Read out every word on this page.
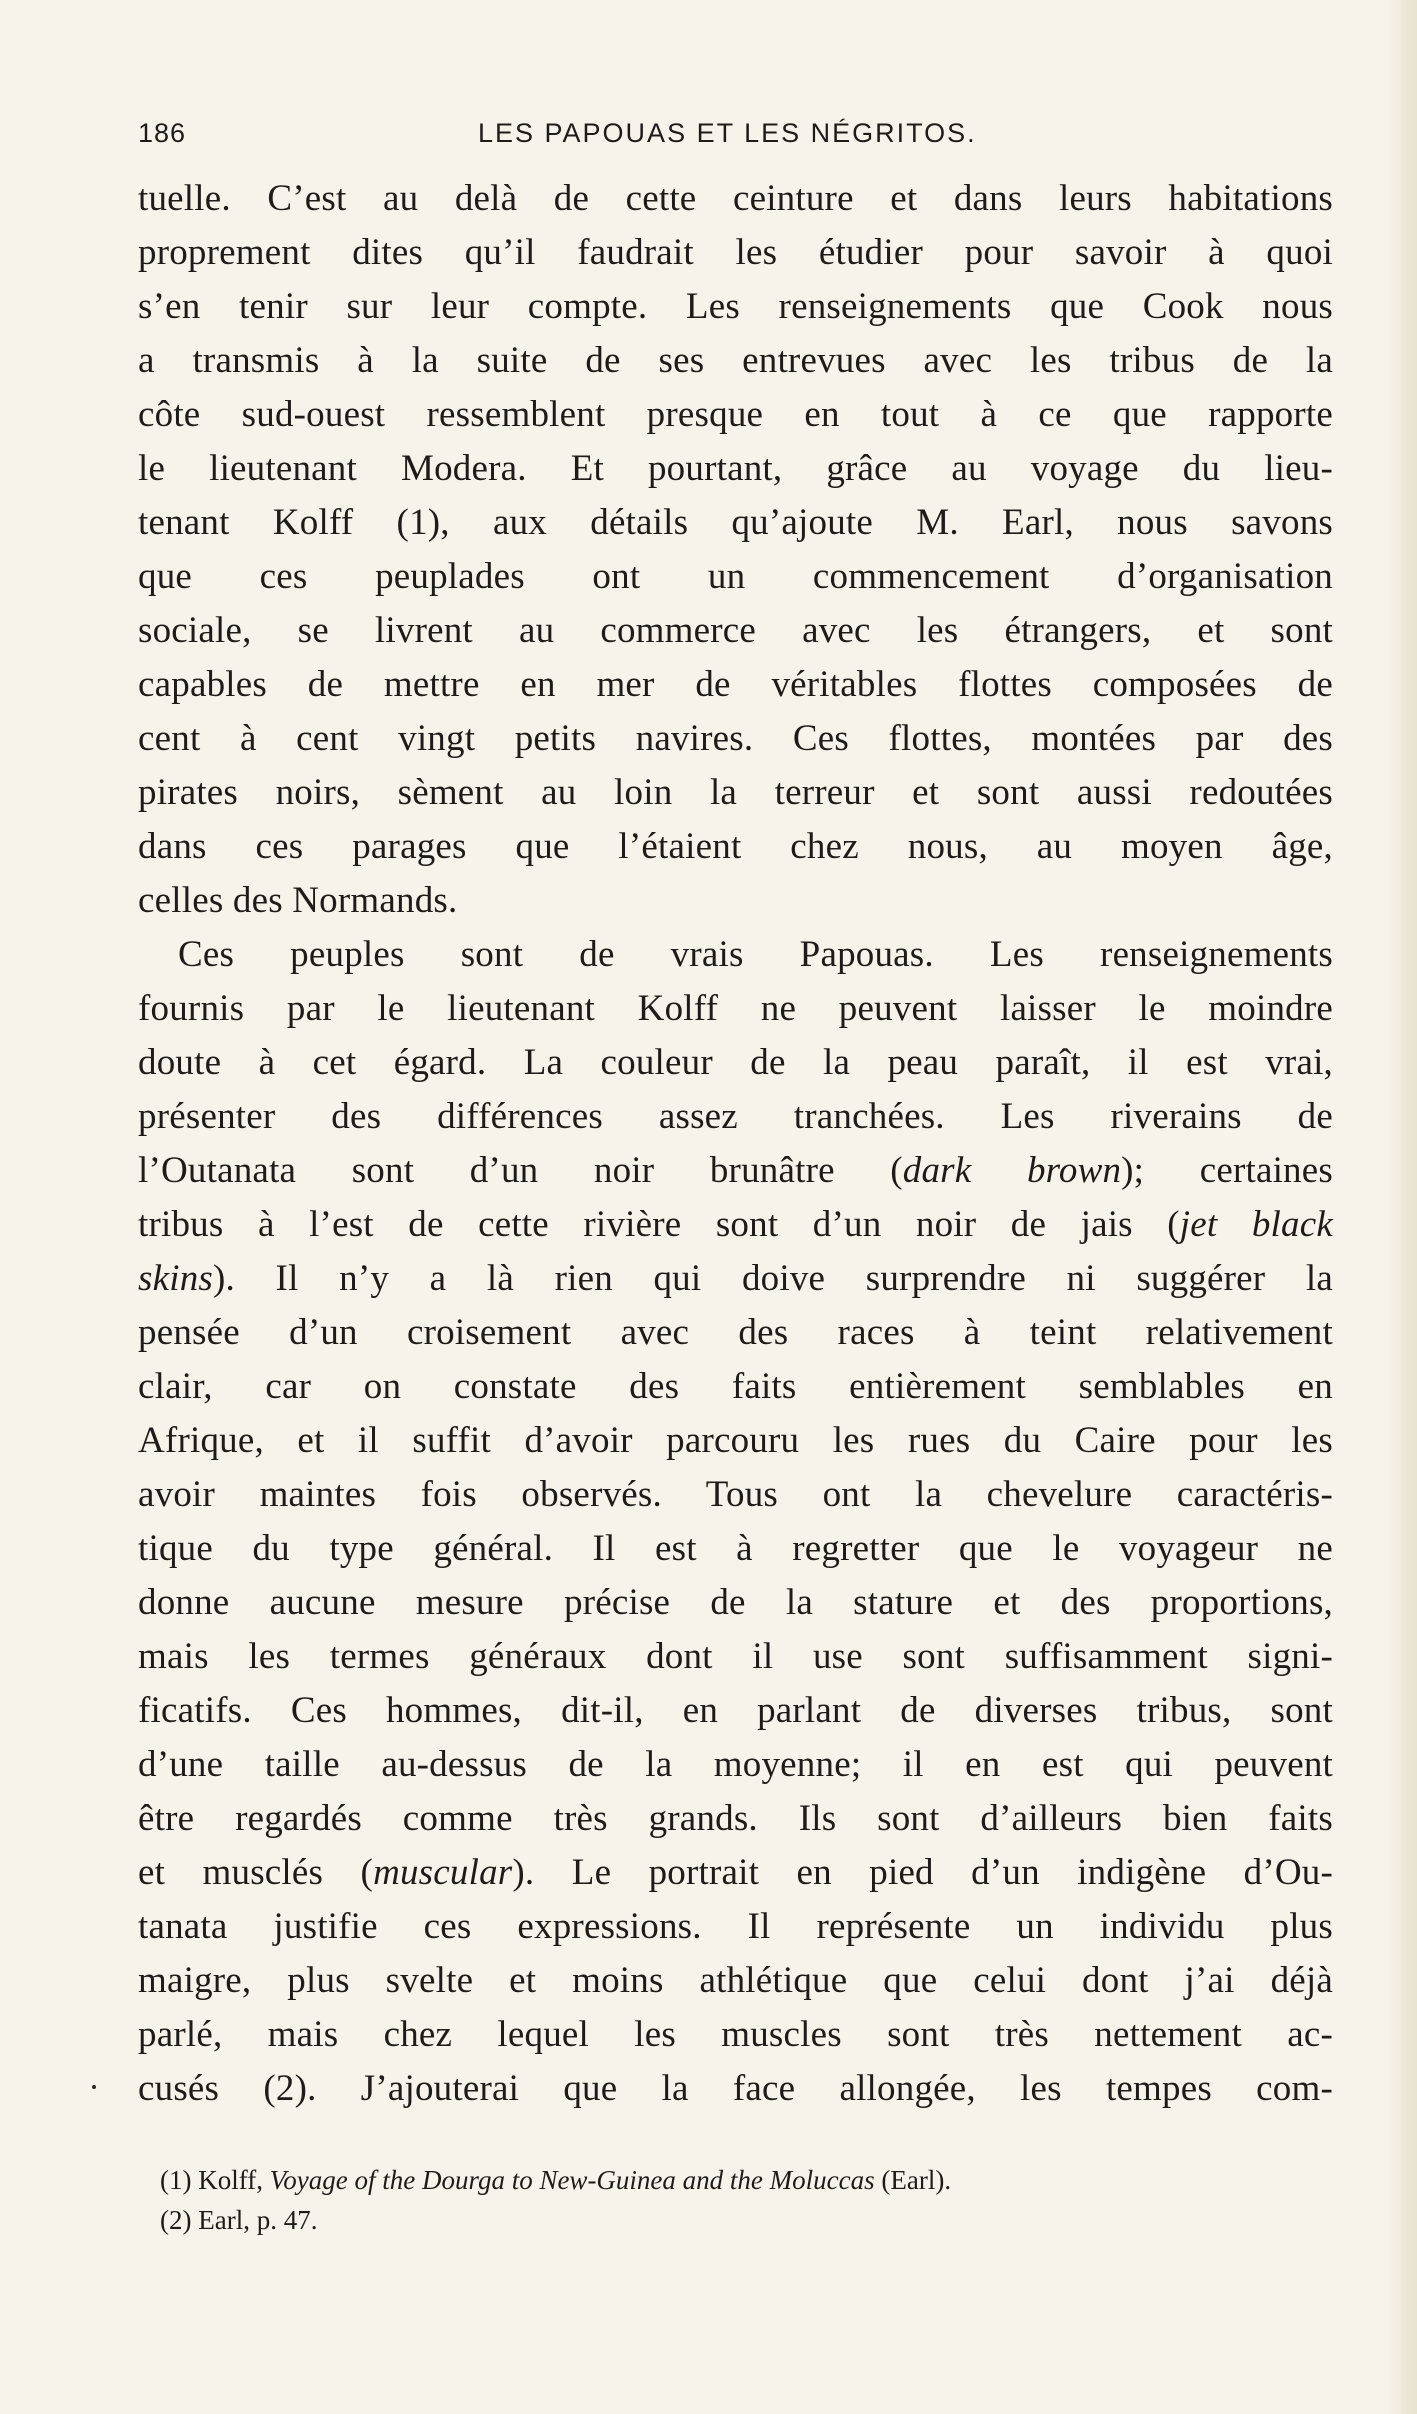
186	LES PAPOUAS ET LES NÉGRITOS.
tuelle. C’est au delà de cette ceinture et dans leurs habitations
proprement dites qu’il faudrait les étudier pour savoir à quoi
s’en tenir sur leur compte. Les renseignements que Cook nous
a transmis à la suite de ses entrevues avec les tribus de la
côte sud-ouest ressemblent presque en tout à ce que rapporte
le lieutenant Modera. Et pourtant, grâce au voyage du lieu-
tenant Kolff (1), aux détails qu’ajoute M. Earl, nous savons
que ces peuplades ont un commencement d’organisation
sociale, se livrent au commerce avec les étrangers, et sont
capables de mettre en mer de véritables flottes composées de
cent à cent vingt petits navires. Ces flottes, montées par des
pirates noirs, sèment au loin la terreur et sont aussi redoutées
dans ces parages que l’étaient chez nous, au moyen âge,
celles des Normands.
Ces peuples sont de vrais Papouas. Les renseignements
fournis par le lieutenant Kolff ne peuvent laisser le moindre
doute à cet égard. La couleur de la peau paraît, il est vrai,
présenter des différences assez tranchées. Les riverains de
l’Outanata sont d’un noir brunâtre (dark brown); certaines
tribus à l’est de cette rivière sont d’un noir de jais (jet black
skins). Il n’y a là rien qui doive surprendre ni suggérer la
pensée d’un croisement avec des races à teint relativement
clair, car on constate des faits entièrement semblables en
Afrique, et il suffit d’avoir parcouru les rues du Caire pour les
avoir maintes fois observés. Tous ont la chevelure caractéris-
tique du type général. Il est à regretter que le voyageur ne
donne aucune mesure précise de la stature et des proportions,
mais les termes généraux dont il use sont suffisamment signi-
ficatifs. Ces hommes, dit-il, en parlant de diverses tribus, sont
d’une taille au-dessus de la moyenne; il en est qui peuvent
être regardés comme très grands. Ils sont d’ailleurs bien faits
et musclés (muscular). Le portrait en pied d’un indigène d’Ou-
tanata justifie ces expressions. Il représente un individu plus
maigre, plus svelte et moins athlétique que celui dont j’ai déjà
parlé, mais chez lequel les muscles sont très nettement ac-
cusés (2). J’ajouterai que la face allongée, les tempes com-
(1) Kolff, Voyage of the Dourga to New-Guinea and the Moluccas (Earl).
(2) Earl, p. 47.
